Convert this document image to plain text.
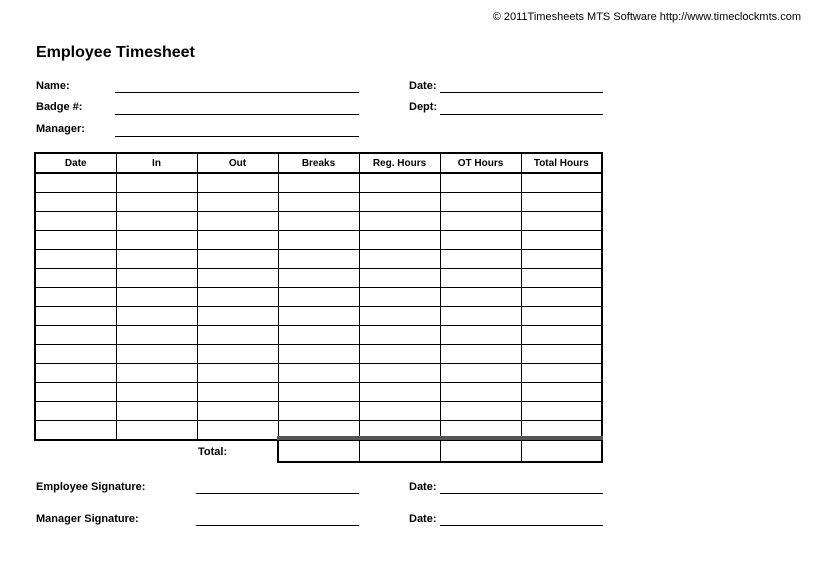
© 2011Timesheets MTS Software http://www.timeclockmts.com
Employee Timesheet
Name:
Badge #:
Manager:
Date:
Dept:
Date	In	Out	Breaks	Reg. Hours	OT Hours	Total Hours

Total:

Employee Signature:	Date:
Manager Signature:	Date:
